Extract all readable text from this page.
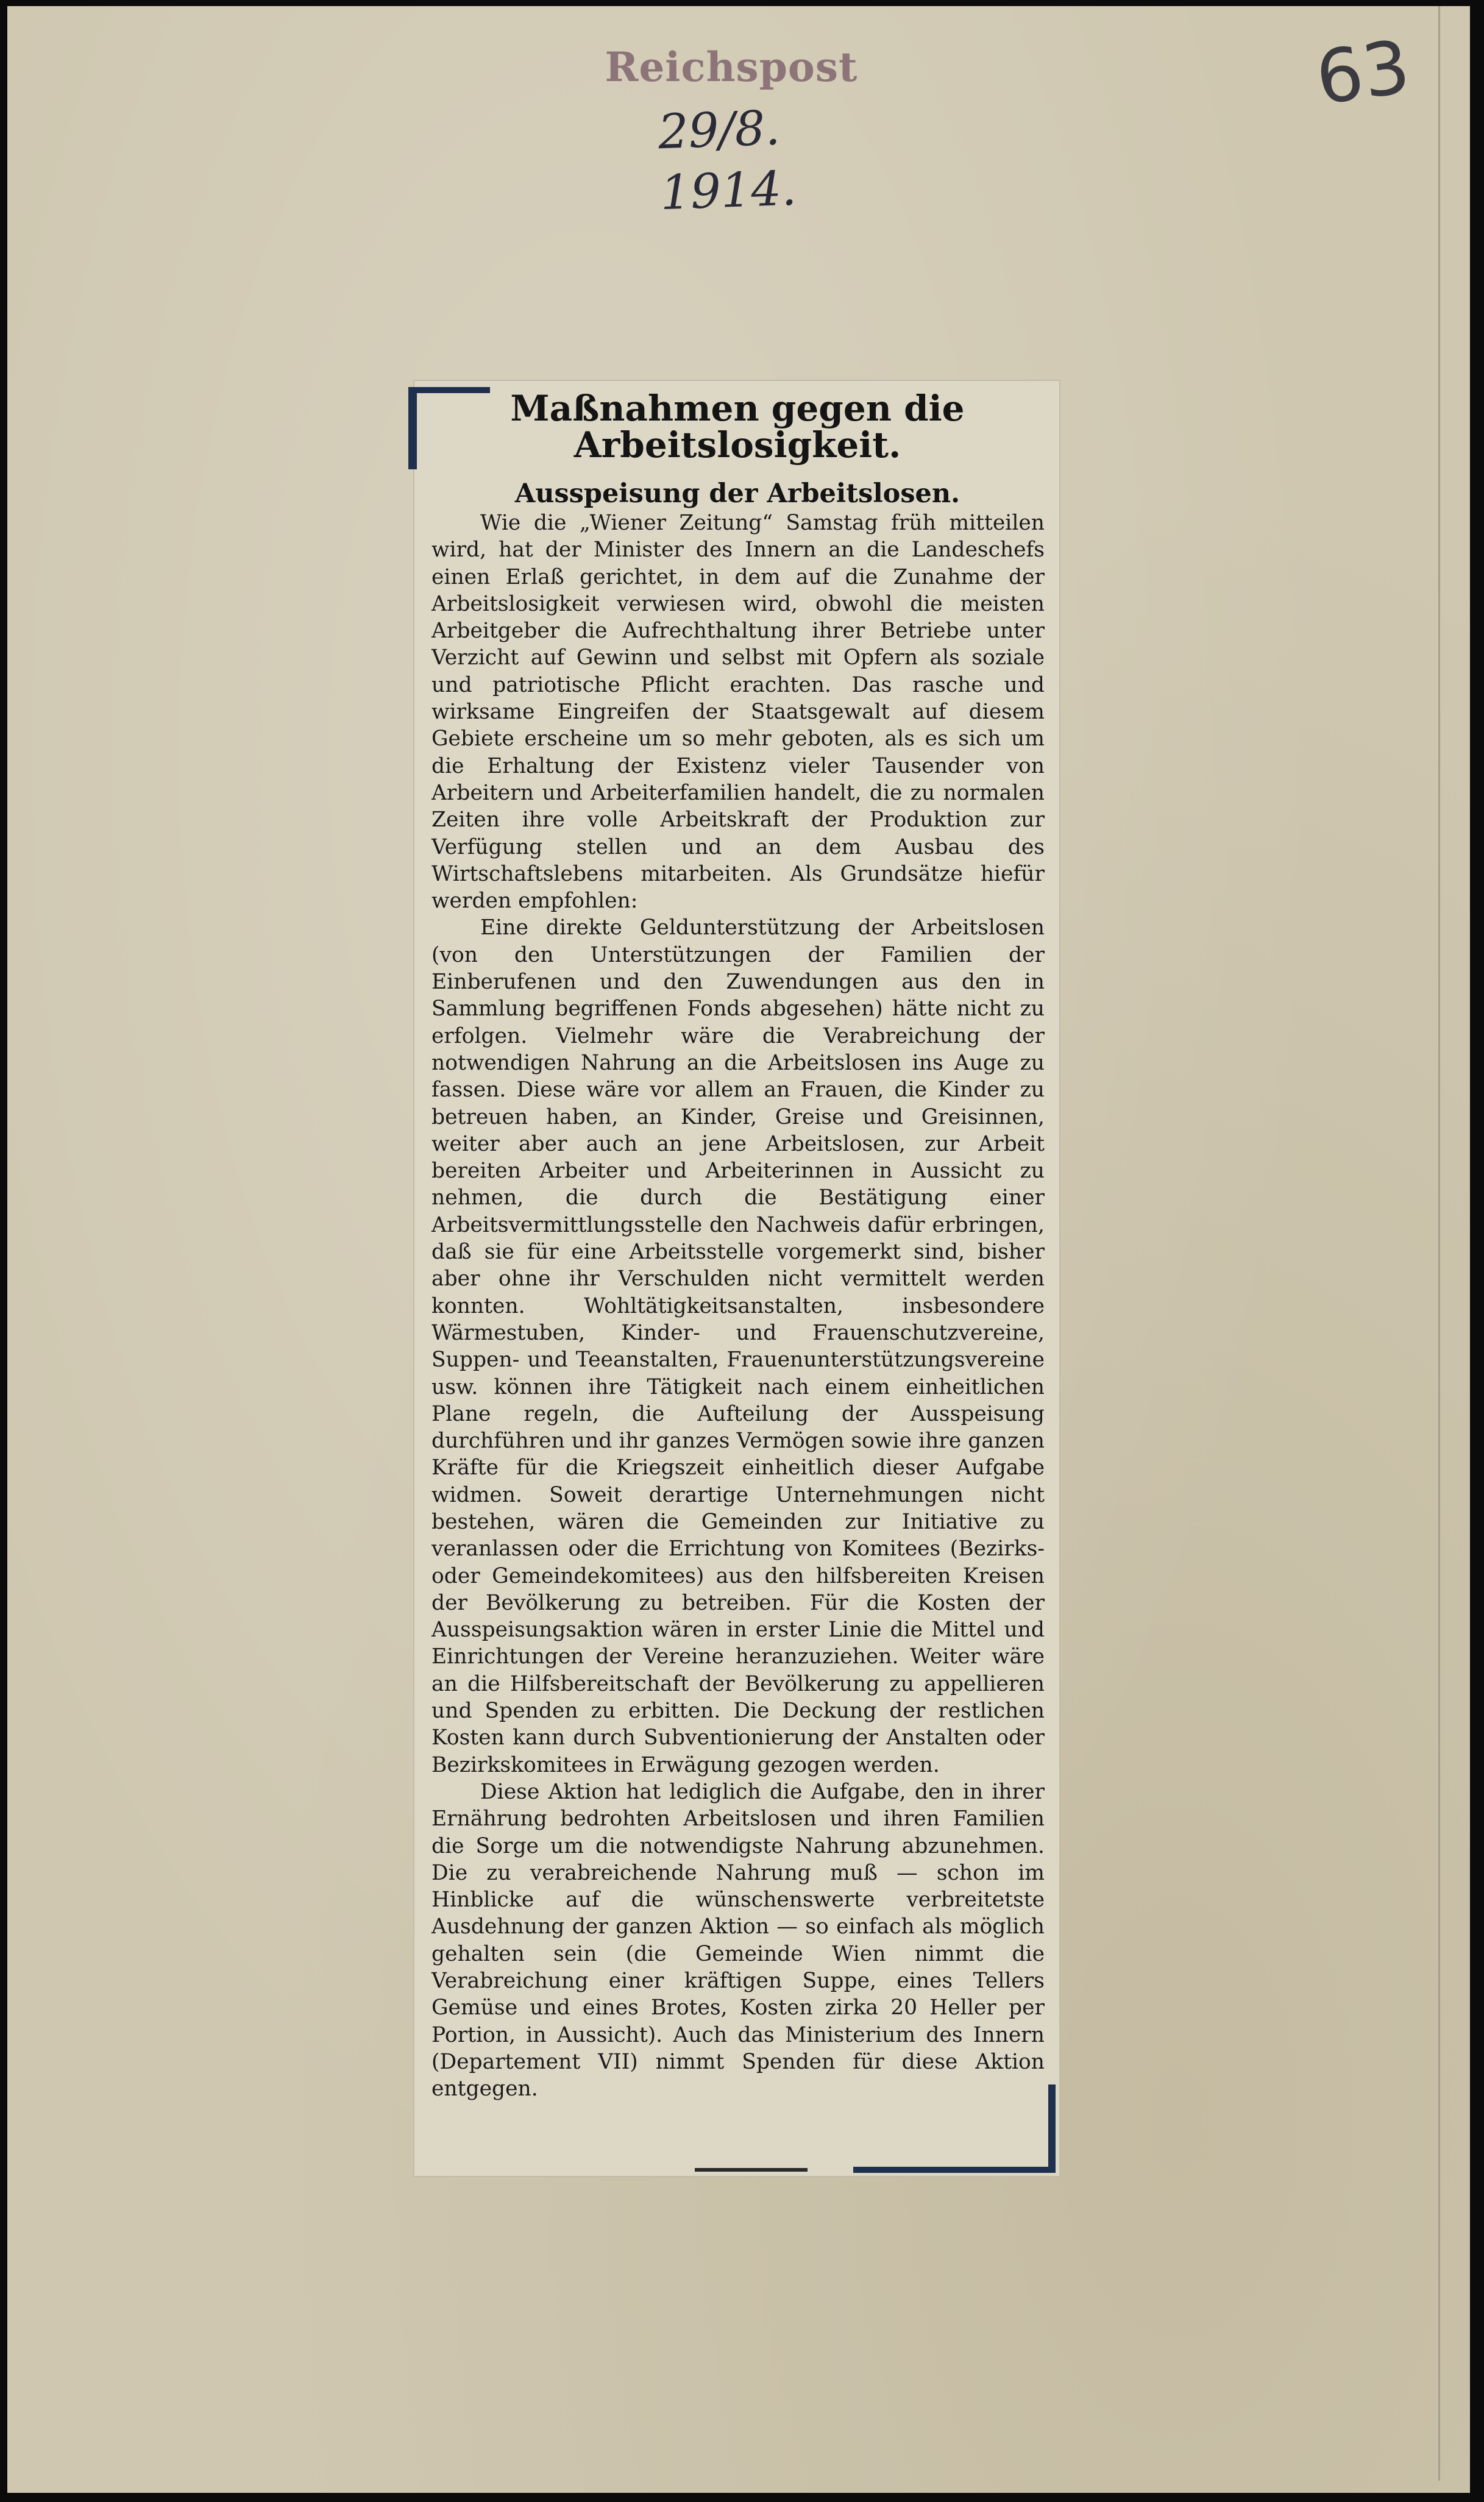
Reichspost
29/8. 1914.
63
Maßnahmen gegen die Arbeitslosigkeit.
Ausspeisung der Arbeitslosen.

Wie die „Wiener Zeitung“ Samstag früh mitteilen wird, hat der Minister des Innern an die Landeschefs einen Erlaß gerichtet, in dem auf die Zunahme der Arbeitslosigkeit verwiesen wird, obwohl die meisten Arbeitgeber die Aufrechthaltung ihrer Betriebe unter Verzicht auf Gewinn und selbst mit Opfern als soziale und patriotische Pflicht erachten. Das rasche und wirksame Eingreifen der Staatsgewalt auf diesem Gebiete erscheine um so mehr geboten, als es sich um die Erhaltung der Existenz vieler Tausender von Arbeitern und Arbeiterfamilien handelt, die zu normalen Zeiten ihre volle Arbeitskraft der Produktion zur Verfügung stellen und an dem Ausbau des Wirtschaftslebens mitarbeiten. Als Grundsätze hiefür werden empfohlen:

Eine direkte Geldunterstützung der Arbeitslosen (von den Unterstützungen der Familien der Einberufenen und den Zuwendungen aus den in Sammlung begriffenen Fonds abgesehen) hätte nicht zu erfolgen. Vielmehr wäre die Verabreichung der notwendigen Nahrung an die Arbeitslosen ins Auge zu fassen. Diese wäre vor allem an Frauen, die Kinder zu betreuen haben, an Kinder, Greise und Greisinnen, weiter aber auch an jene Arbeitslosen, zur Arbeit bereiten Arbeiter und Arbeiterinnen in Aussicht zu nehmen, die durch die Bestätigung einer Arbeitsvermittlungsstelle den Nachweis dafür erbringen, daß sie für eine Arbeitsstelle vorgemerkt sind, bisher aber ohne ihr Verschulden nicht vermittelt werden konnten. Wohltätigkeitsanstalten, insbesondere Wärmestuben, Kinder- und Frauenschutzvereine, Suppen- und Teeanstalten, Frauenunterstützungsvereine usw. können ihre Tätigkeit nach einem einheitlichen Plane regeln, die Aufteilung der Ausspeisung durchführen und ihr ganzes Vermögen sowie ihre ganzen Kräfte für die Kriegszeit einheitlich dieser Aufgabe widmen. Soweit derartige Unternehmungen nicht bestehen, wären die Gemeinden zur Initiative zu veranlassen oder die Errichtung von Komitees (Bezirks- oder Gemeindekomitees) aus den hilfsbereiten Kreisen der Bevölkerung zu betreiben. Für die Kosten der Ausspeisungsaktion wären in erster Linie die Mittel und Einrichtungen der Vereine heranzuziehen. Weiter wäre an die Hilfsbereitschaft der Bevölkerung zu appellieren und Spenden zu erbitten. Die Deckung der restlichen Kosten kann durch Subventionierung der Anstalten oder Bezirkskomitees in Erwägung gezogen werden.

Diese Aktion hat lediglich die Aufgabe, den in ihrer Ernährung bedrohten Arbeitslosen und ihren Familien die Sorge um die notwendigste Nahrung abzunehmen. Die zu verabreichende Nahrung muß — schon im Hinblicke auf die wünschenswerte verbreitetste Ausdehnung der ganzen Aktion — so einfach als möglich gehalten sein (die Gemeinde Wien nimmt die Verabreichung einer kräftigen Suppe, eines Tellers Gemüse und eines Brotes, Kosten zirka 20 Heller per Portion, in Aussicht). Auch das Ministerium des Innern (Departement VII) nimmt Spenden für diese Aktion entgegen.
